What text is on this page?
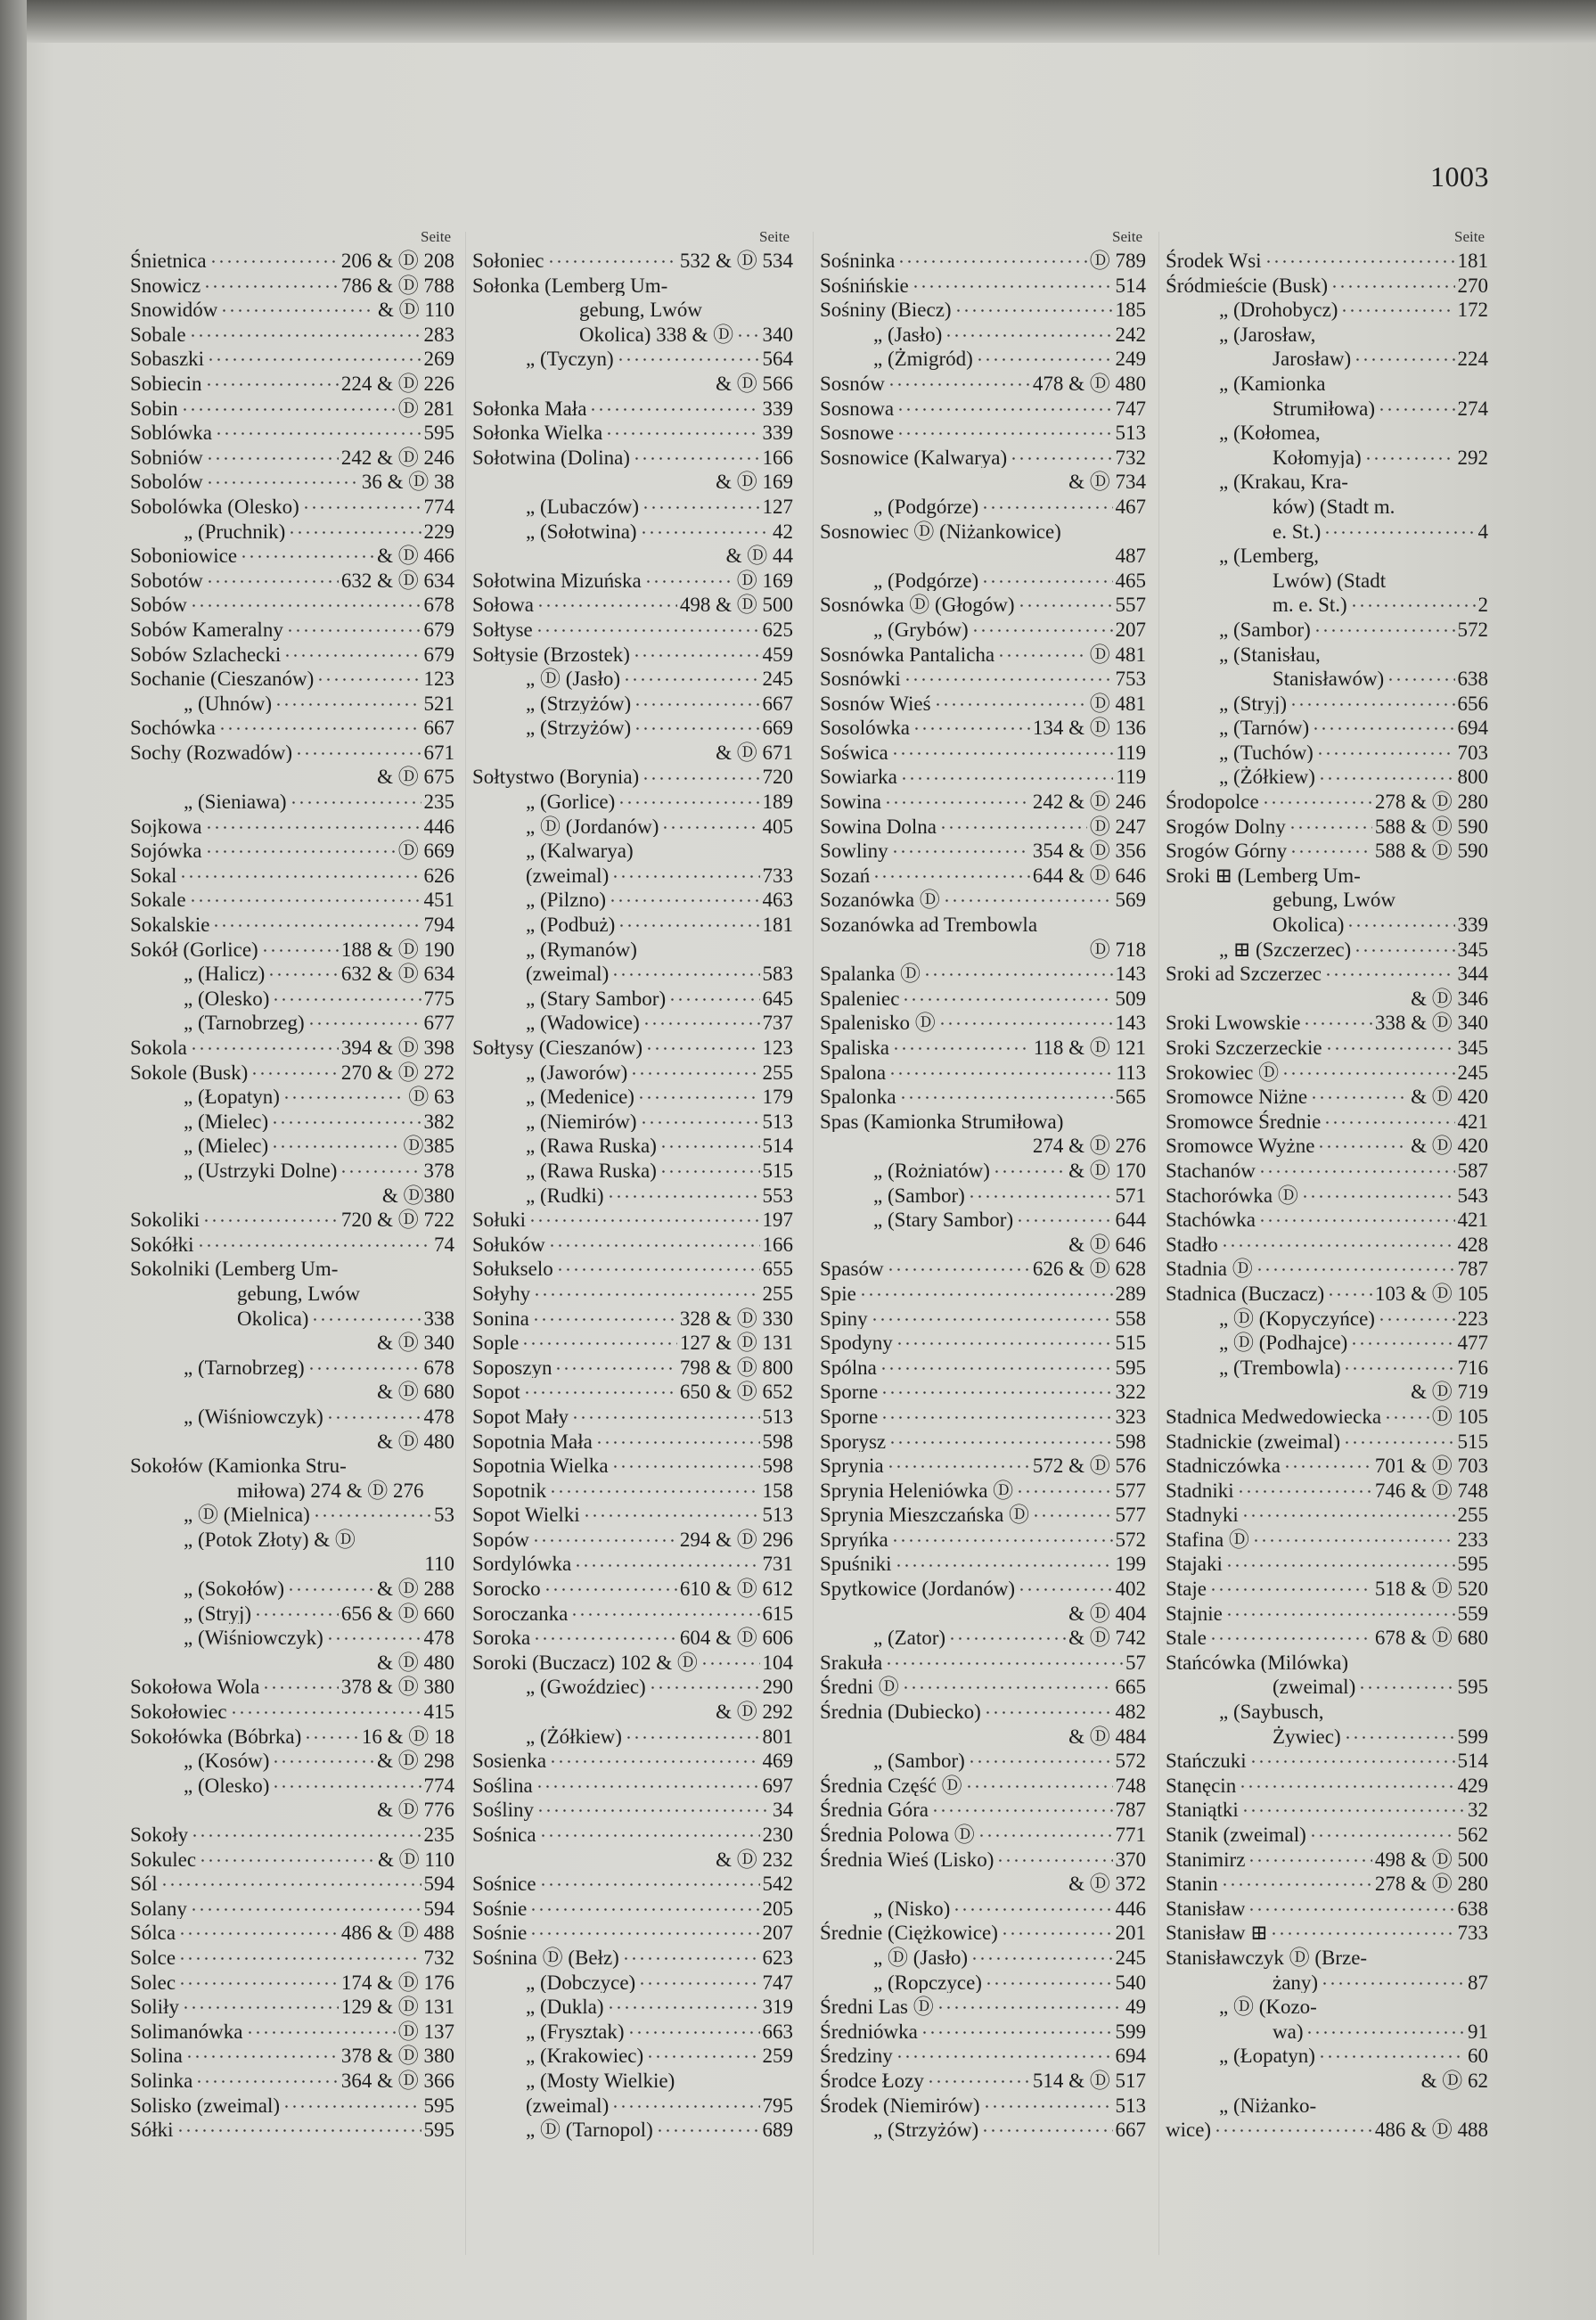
1003
Seite
Śnietnica	206 & Ⓓ 208
Snowicz	786 & Ⓓ 788
Snowidów	& Ⓓ 110
Sobale	283
Sobaszki	269
Sobiecin	224 & Ⓓ 226
Sobin	Ⓓ 281
Soblówka	595
Sobniów	242 & Ⓓ 246
Sobolów	36 & Ⓓ 38
Sobolówka (Olesko)	774
„ (Pruchnik)	229
Soboniowice	& Ⓓ 466
Sobotów	632 & Ⓓ 634
Sobów	678
Sobów Kameralny	679
Sobów Szlachecki	679
Sochanie (Cieszanów)	123
„ (Uhnów)	521
Sochówka	667
Sochy (Rozwadów)	671
& Ⓓ 675
„ (Sieniawa)	235
Sojkowa	446
Sojówka	Ⓓ 669
Sokal	626
Sokale	451
Sokalskie	794
Sokół (Gorlice)	188 & Ⓓ 190
„ (Halicz)	632 & Ⓓ 634
„ (Olesko)	775
„ (Tarnobrzeg)	677
Sokola	394 & Ⓓ 398
Sokole (Busk)	270 & Ⓓ 272
„ (Łopatyn)	Ⓓ 63
„ (Mielec)	382
„ (Mielec)	Ⓓ385
„ (Ustrzyki Dolne)	378
& Ⓓ380
Sokoliki	720 & Ⓓ 722
Sokółki	74
Sokolniki (Lemberg Um-
gebung, Lwów
Okolica)	338
& Ⓓ 340
„ (Tarnobrzeg)	678
& Ⓓ 680
„ (Wiśniowczyk)	478
& Ⓓ 480
Sokołów (Kamionka Stru-
miłowa) 274 & Ⓓ 276
„ Ⓓ (Mielnica)	53
„ (Potok Złoty) & Ⓓ
110
„ (Sokołów)	& Ⓓ 288
„ (Stryj)	656 & Ⓓ 660
„ (Wiśniowczyk)	478
& Ⓓ 480
Sokołowa Wola	378 & Ⓓ 380
Sokołowiec	415
Sokołówka (Bóbrka)	16 & Ⓓ 18
„ (Kosów)	& Ⓓ 298
„ (Olesko)	774
& Ⓓ 776
Sokoły	235
Sokulec	& Ⓓ 110
Sól	594
Solany	594
Sólca	486 & Ⓓ 488
Solce	732
Solec	174 & Ⓓ 176
Soliły	129 & Ⓓ 131
Solimanówka	Ⓓ 137
Solina	378 & Ⓓ 380
Solinka	364 & Ⓓ 366
Solisko (zweimal)	595
Sółki	595
Seite
Sołoniec	532 & Ⓓ 534
Sołonka (Lemberg Um-
gebung, Lwów
Okolica) 338 & Ⓓ 340
„ (Tyczyn)	564
& Ⓓ 566
Sołonka Mała	339
Sołonka Wielka	339
Sołotwina (Dolina)	166
& Ⓓ 169
„ (Lubaczów)	127
„ (Sołotwina)	42
& Ⓓ 44
Sołotwina Mizuńska	Ⓓ 169
Sołowa	498 & Ⓓ 500
Sołtyse	625
Sołtysie (Brzostek)	459
„ Ⓓ (Jasło)	245
„ (Strzyżów)	667
„ (Strzyżów)	669
& Ⓓ 671
Sołtystwo (Borynia)	720
„ (Gorlice)	189
„ Ⓓ (Jordanów)	405
„ (Kalwarya)
(zweimal)	733
„ (Pilzno)	463
„ (Podbuż)	181
„ (Rymanów)
(zweimal)	583
„ (Stary Sambor)	645
„ (Wadowice)	737
Sołtysy (Cieszanów)	123
„ (Jaworów)	255
„ (Medenice)	179
„ (Niemirów)	513
„ (Rawa Ruska)	514
„ (Rawa Ruska)	515
„ (Rudki)	553
Sołuki	197
Sołuków	166
Sołukselo	655
Sołyhy	255
Sonina	328 & Ⓓ 330
Sople	127 & Ⓓ 131
Soposzyn	798 & Ⓓ 800
Sopot	650 & Ⓓ 652
Sopot Mały	513
Sopotnia Mała	598
Sopotnia Wielka	598
Sopotnik	158
Sopot Wielki	513
Sopów	294 & Ⓓ 296
Sordylówka	731
Sorocko	610 & Ⓓ 612
Soroczanka	615
Soroka	604 & Ⓓ 606
Soroki (Buczacz) 102 & Ⓓ	104
„ (Gwoździec)	290
& Ⓓ 292
„ (Żółkiew)	801
Sosienka	469
Soślina	697
Sośliny	34
Sośnica	230
& Ⓓ 232
Sośnice	542
Sośnie	205
Sośnie	207
Sośnina Ⓓ (Bełz)	623
„ (Dobczyce)	747
„ (Dukla)	319
„ (Frysztak)	663
„ (Krakowiec)	259
„ (Mosty Wielkie)
(zweimal)	795
„ Ⓓ (Tarnopol)	689
Seite
Sośninka	Ⓓ 789
Sośnińskie	514
Sośniny (Biecz)	185
„ (Jasło)	242
„ (Żmigród)	249
Sosnów	478 & Ⓓ 480
Sosnowa	747
Sosnowe	513
Sosnowice (Kalwarya)	732
& Ⓓ 734
„ (Podgórze)	467
Sosnowiec Ⓓ (Niżankowice)
487
„ (Podgórze)	465
Sosnówka Ⓓ (Głogów)	557
„ (Grybów)	207
Sosnówka Pantalicha	Ⓓ 481
Sosnówki	753
Sosnów Wieś	Ⓓ 481
Sosolówka	134 & Ⓓ 136
Soświca	119
Sowiarka	119
Sowina	242 & Ⓓ 246
Sowina Dolna	Ⓓ 247
Sowliny	354 & Ⓓ 356
Sozań	644 & Ⓓ 646
Sozanówka Ⓓ	569
Sozanówka ad Trembowla
Ⓓ 718
Spalanka Ⓓ	143
Spaleniec	509
Spalenisko Ⓓ	143
Spaliska	118 & Ⓓ 121
Spalona	113
Spalonka	565
Spas (Kamionka Strumiłowa)
274 & Ⓓ 276
„ (Rożniatów)	& Ⓓ 170
„ (Sambor)	571
„ (Stary Sambor)	644
& Ⓓ 646
Spasów	626 & Ⓓ 628
Spie	289
Spiny	558
Spodyny	515
Spólna	595
Sporne	322
Sporne	323
Sporysz	598
Sprynia	572 & Ⓓ 576
Sprynia Heleniówka Ⓓ	577
Sprynia Mieszczańska Ⓓ	577
Spryńka	572
Spuśniki	199
Spytkowice (Jordanów)	402
& Ⓓ 404
„ (Zator)	& Ⓓ 742
Srakuła	57
Średni Ⓓ	665
Średnia (Dubiecko)	482
& Ⓓ 484
„ (Sambor)	572
Średnia Część Ⓓ	748
Średnia Góra	787
Średnia Polowa Ⓓ	771
Średnia Wieś (Lisko)	370
& Ⓓ 372
„ (Nisko)	446
Średnie (Ciężkowice)	201
„ Ⓓ (Jasło)	245
„ (Ropczyce)	540
Średni Las Ⓓ	49
Średniówka	599
Średziny	694
Środce Łozy	514 & Ⓓ 517
Środek (Niemirów)	513
„ (Strzyżów)	667
Seite
Środek Wsi	181
Śródmieście (Busk)	270
„ (Drohobycz)	172
„ (Jarosław,
Jarosław)	224
„ (Kamionka
Strumiłowa)	274
„ (Kołomea,
Kołomyja)	292
„ (Krakau, Kra-
ków) (Stadt m.
e. St.)	4
„ (Lemberg,
Lwów) (Stadt
m. e. St.)	2
„ (Sambor)	572
„ (Stanisłau,
Stanisławów)	638
„ (Stryj)	656
„ (Tarnów)	694
„ (Tuchów)	703
„ (Żółkiew)	800
Środopolce	278 & Ⓓ 280
Srogów Dolny	588 & Ⓓ 590
Srogów Górny	588 & Ⓓ 590
Sroki ⊞ (Lemberg Um-
gebung, Lwów
Okolica)	339
„ ⊞ (Szczerzec)	345
Sroki ad Szczerzec	344
& Ⓓ 346
Sroki Lwowskie	338 & Ⓓ 340
Sroki Szczerzeckie	345
Srokowiec Ⓓ	245
Sromowce Niżne	& Ⓓ 420
Sromowce Średnie	421
Sromowce Wyżne	& Ⓓ 420
Stachanów	587
Stachorówka Ⓓ	543
Stachówka	421
Stadło	428
Stadnia Ⓓ	787
Stadnica (Buczacz) 103 & Ⓓ 105
„ Ⓓ (Kopyczyńce)	223
„ Ⓓ (Podhajce)	477
„ (Trembowla)	716
& Ⓓ 719
Stadnica Medwedowiecka Ⓓ 105
Stadnickie (zweimal)	515
Stadniczówka	701 & Ⓓ 703
Stadniki	746 & Ⓓ 748
Stadnyki	255
Stafina Ⓓ	233
Stajaki	595
Staje	518 & Ⓓ 520
Stajnie	559
Stale	678 & Ⓓ 680
Stańcówka (Milówka)
(zweimal)	595
„ (Saybusch,
Żywiec)	599
Stańczuki	514
Stanęcin	429
Staniątki	32
Stanik (zweimal)	562
Stanimirz	498 & Ⓓ 500
Stanin	278 & Ⓓ 280
Stanisław	638
Stanisław ⊞	733
Stanisławczyk Ⓓ (Brze-
żany)	87
„ Ⓓ (Kozo-
wa)	91
„ (Łopatyn)	60
& Ⓓ 62
„ (Niżanko-
wice)	486 & Ⓓ 488
